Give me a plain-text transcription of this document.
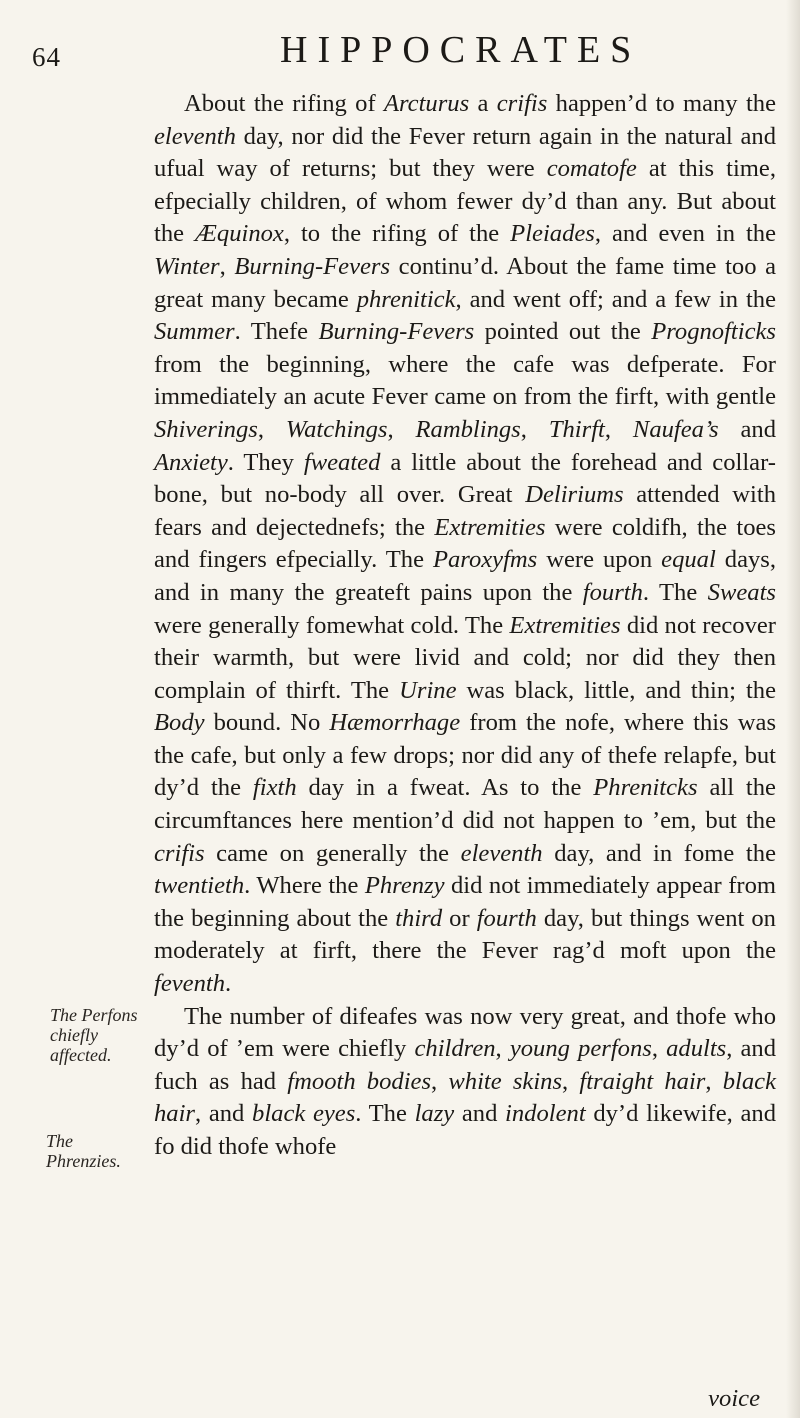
64	HIPPOCRATES

About the rifing of Arcturus a crifis happen’d to many the eleventh day, nor did the Fever return again in the natural and ufual way of returns; but they were comatofe at this time, efpecially children, of whom fewer dy’d than any. But about the Æquinox, to the rifing of the Pleiades, and even in the Winter, Burning-Fevers continu’d. About the fame time too a great many became phrenitick, and went off; and a few in the Summer. Thefe Burning-Fevers pointed out the Prognofticks from the beginning, where the cafe was defperate. For immediately an acute Fever came on from the firft, with gentle Shiverings, Watchings, Ramblings, Thirft, Naufea’s and Anxiety. They fweated a little about the forehead and collar-bone, but no-body all over. Great Deliriums attended with fears and dejectednefs; the Extremities were coldifh, the toes and fingers efpecially. The Paroxyfms were upon equal days, and in many the greateft pains upon the fourth. The Sweats were generally fomewhat cold. The Extremities did not recover their warmth, but were livid and cold; nor did they then complain of thirft. The Urine was black, little, and thin; the Body bound. No Hæmorrhage from the nofe, where this was the cafe, but only a few drops; nor did any of thefe relapfe, but dy’d the fixth day in a fweat. As to the Phrenitcks all the circumftances here mention’d did not happen to ’em, but the crifis came on generally the eleventh day, and in fome the twentieth. Where the Phrenzy did not immediately appear from the beginning about the third or fourth day, but things went on moderately at firft, there the Fever rag’d moft upon the feventh.

The number of difeafes was now very great, and thofe who dy’d of ’em were chiefly children, young perfons, adults, and fuch as had fmooth bodies, white skins, ftraight hair, black hair, and black eyes. The lazy and indolent dy’d likewife, and fo did thofe whofe

The Phrenzies.
The Perfons chiefly affected.
voice
